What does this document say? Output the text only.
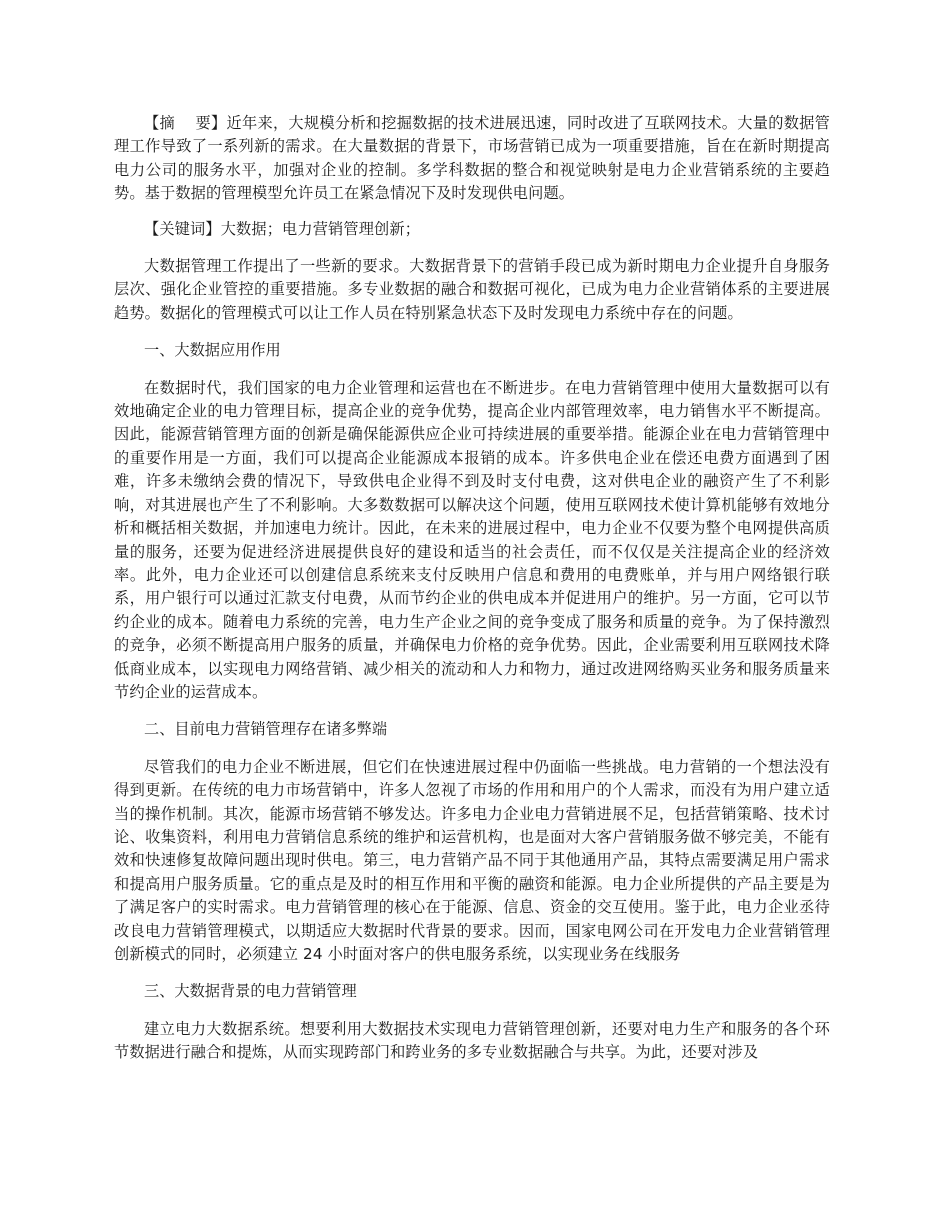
【摘　 要】近年来，大规模分析和挖掘数据的技术进展迅速，同时改进了互联网技术。大量的数据管理工作导致了一系列新的需求。在大量数据的背景下，市场营销已成为一项重要措施，旨在在新时期提高电力公司的服务水平，加强对企业的控制。多学科数据的整合和视觉映射是电力企业营销系统的主要趋势。基于数据的管理模型允许员工在紧急情况下及时发现供电问题。

【关键词】大数据；电力营销管理创新；

大数据管理工作提出了一些新的要求。大数据背景下的营销手段已成为新时期电力企业提升自身服务层次、强化企业管控的重要措施。多专业数据的融合和数据可视化，已成为电力企业营销体系的主要进展趋势。数据化的管理模式可以让工作人员在特别紧急状态下及时发现电力系统中存在的问题。

一、大数据应用作用

在数据时代，我们国家的电力企业管理和运营也在不断进步。在电力营销管理中使用大量数据可以有效地确定企业的电力管理目标，提高企业的竞争优势，提高企业内部管理效率，电力销售水平不断提高。因此，能源营销管理方面的创新是确保能源供应企业可持续进展的重要举措。能源企业在电力营销管理中的重要作用是一方面，我们可以提高企业能源成本报销的成本。许多供电企业在偿还电费方面遇到了困难，许多未缴纳会费的情况下，导致供电企业得不到及时支付电费，这对供电企业的融资产生了不利影响，对其进展也产生了不利影响。大多数数据可以解决这个问题，使用互联网技术使计算机能够有效地分析和概括相关数据，并加速电力统计。因此，在未来的进展过程中，电力企业不仅要为整个电网提供高质量的服务，还要为促进经济进展提供良好的建设和适当的社会责任，而不仅仅是关注提高企业的经济效率。此外，电力企业还可以创建信息系统来支付反映用户信息和费用的电费账单，并与用户网络银行联系，用户银行可以通过汇款支付电费，从而节约企业的供电成本并促进用户的维护。另一方面，它可以节约企业的成本。随着电力系统的完善，电力生产企业之间的竞争变成了服务和质量的竞争。为了保持激烈的竞争，必须不断提高用户服务的质量，并确保电力价格的竞争优势。因此，企业需要利用互联网技术降低商业成本，以实现电力网络营销、减少相关的流动和人力和物力，通过改进网络购买业务和服务质量来节约企业的运营成本。

二、目前电力营销管理存在诸多弊端

尽管我们的电力企业不断进展，但它们在快速进展过程中仍面临一些挑战。电力营销的一个想法没有得到更新。在传统的电力市场营销中，许多人忽视了市场的作用和用户的个人需求，而没有为用户建立适当的操作机制。其次，能源市场营销不够发达。许多电力企业电力营销进展不足，包括营销策略、技术讨论、收集资料，利用电力营销信息系统的维护和运营机构，也是面对大客户营销服务做不够完美，不能有效和快速修复故障问题出现时供电。第三，电力营销产品不同于其他通用产品，其特点需要满足用户需求和提高用户服务质量。它的重点是及时的相互作用和平衡的融资和能源。电力企业所提供的产品主要是为了满足客户的实时需求。电力营销管理的核心在于能源、信息、资金的交互使用。鉴于此，电力企业丞待改良电力营销管理模式，以期适应大数据时代背景的要求。因而，国家电网公司在开发电力企业营销管理创新模式的同时，必须建立 24 小时面对客户的供电服务系统，以实现业务在线服务

三、大数据背景的电力营销管理

建立电力大数据系统。想要利用大数据技术实现电力营销管理创新，还要对电力生产和服务的各个环节数据进行融合和提炼，从而实现跨部门和跨业务的多专业数据融合与共享。为此，还要对涉及
